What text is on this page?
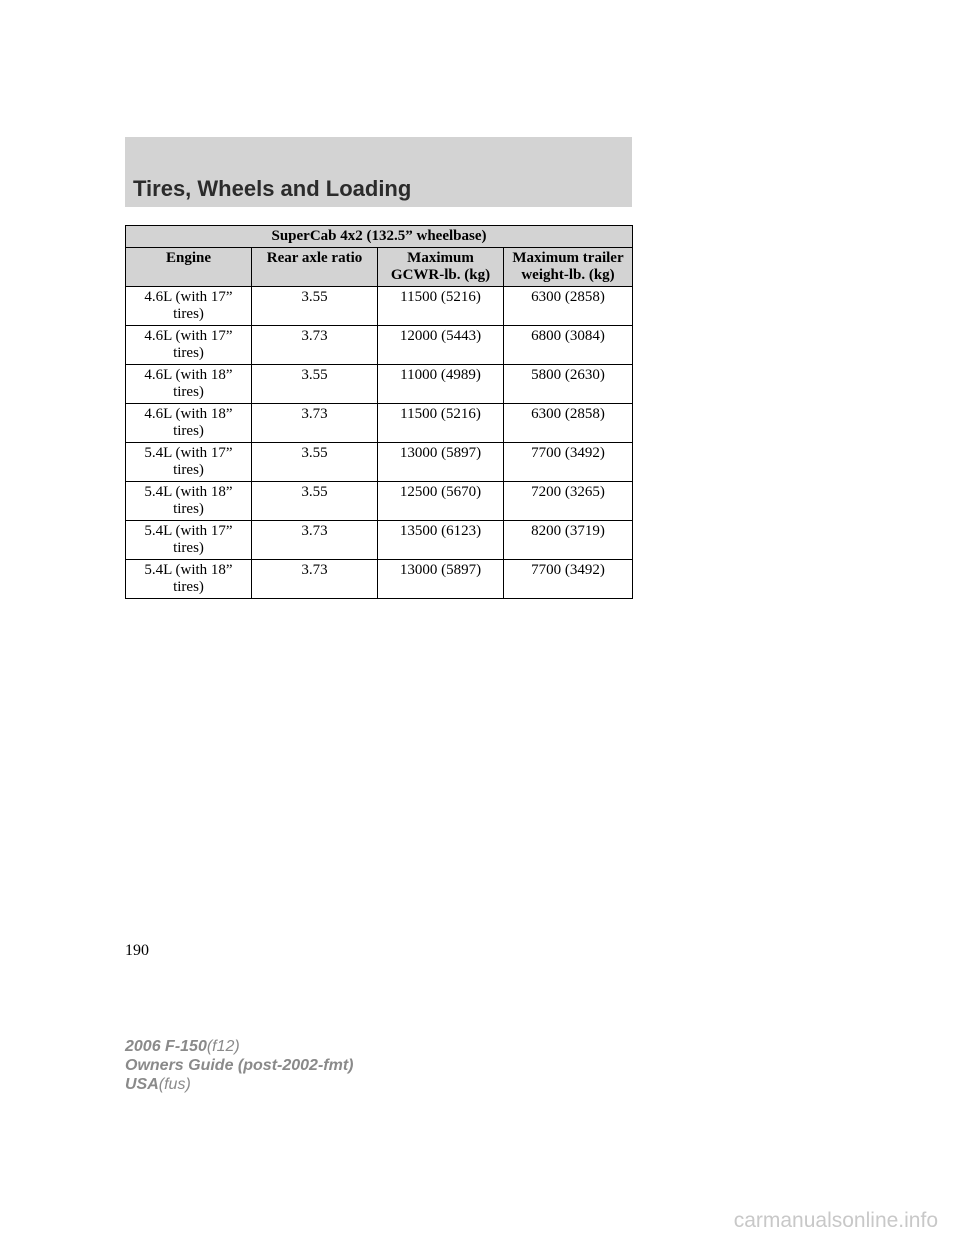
Tires, Wheels and Loading
SuperCab 4x2 (132.5” wheelbase)			
Engine	Rear axle ratio	Maximum GCWR-lb. (kg)	Maximum trailer weight-lb. (kg)
4.6L (with 17” tires)	3.55	11500 (5216)	6300 (2858)
4.6L (with 17” tires)	3.73	12000 (5443)	6800 (3084)
4.6L (with 18” tires)	3.55	11000 (4989)	5800 (2630)
4.6L (with 18” tires)	3.73	11500 (5216)	6300 (2858)
5.4L (with 17” tires)	3.55	13000 (5897)	7700 (3492)
5.4L (with 18” tires)	3.55	12500 (5670)	7200 (3265)
5.4L (with 17” tires)	3.73	13500 (6123)	8200 (3719)
5.4L (with 18” tires)	3.73	13000 (5897)	7700 (3492)
190
2006 F-150(f12)
Owners Guide (post-2002-fmt)
USA(fus)
carmanualsonline.info
